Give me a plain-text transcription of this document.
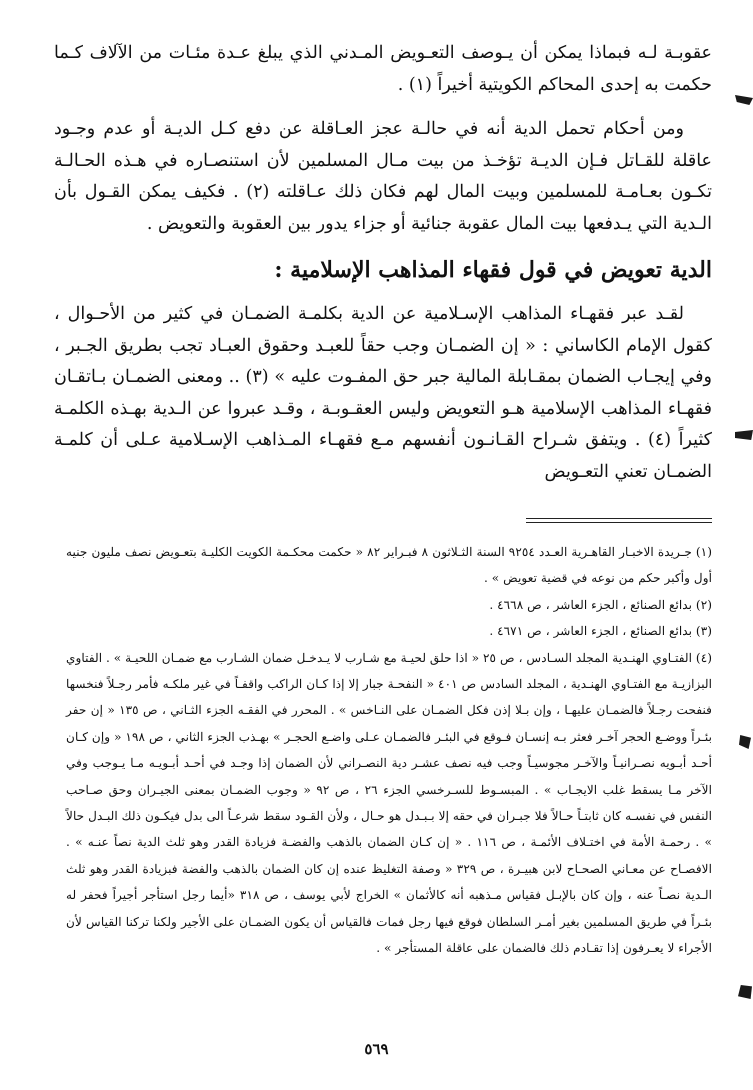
عقوبـة لـه فبماذا يمكن أن يـوصف التعـويض المـدني الذي يبلغ عـدة مئـات من الآلاف كـما حكمت به إحدى المحاكم الكويتية أخيراً (١) .

ومن أحكام تحمل الدية أنه في حالـة عجز العـاقلة عن دفع كـل الديـة أو عدم وجـود عاقلة للقـاتل فـإن الديـة تؤخـذ من بيت مـال المسلمين لأن استنصـاره في هـذه الحـالـة تكـون بعـامـة للمسلمين وبيت المال لهم فكان ذلك عـاقلته (٢) . فكيف يمكن القـول بأن الـدية التي يـدفعها بيت المال عقوبة جنائية أو جزاء يدور بين العقوبة والتعويض .

الدية تعويض في قول فقهاء المذاهب الإسلامية :

لقـد عبر فقهـاء المذاهب الإسـلامية عن الدية بكلمـة الضمـان في كثير من الأحـوال ، كقول الإمام الكاساني : « إن الضمـان وجب حقاً للعبـد وحقوق العبـاد تجب بطريق الجـبر ، وفي إيجـاب الضمان بمقـابلة المالية جبر حق المفـوت عليه » (٣) .. ومعنى الضمـان بـاتقـان فقهـاء المذاهب الإسلامية هـو التعويض وليس العقـوبـة ، وقـد عبروا عن الـدية بهـذه الكلمـة كثيراً (٤) . ويتفق شـراح القـانـون أنفسهم مـع فقهـاء المـذاهب الإسـلامية عـلى أن كلمـة الضمـان تعني التعـويض

(١) جـريدة الاخبـار القاهـرية العـدد ٩٢٥٤ السنة الثـلاثون ٨ فبـراير ٨٢ « حكمت محكـمة الكويت الكليـة بتعـويض نصف مليون جنيه أول وأكبر حكم من نوعه في قضية تعويض » .

(٢) بدائع الصنائع ، الجزء العاشر ، ص ٤٦٦٨ .

(٣) بدائع الصنائع ، الجزء العاشر ، ص ٤٦٧١ .

(٤) الفتـاوي الهنـدية المجلد السـادس ، ص ٢٥ « اذا حلق لحيـة مع شـارب لا يـدخـل ضمان الشـارب مع ضمـان اللحيـة » . الفتاوي البزازيـة مع الفتـاوي الهنـدية ، المجلد السادس ص ٤٠١ « النفحـة جبار إلا إذا كـان الراكب واقفـاً في غير ملكـه فأمر رجـلاً فنخسها فنفحت رجـلاً فالضمـان عليهـا ، وإن بـلا إذن فكل الضمـان على النـاخس » . المحرر في الفقـه الجزء الثـاني ، ص ١٣٥ « إن حفر بئـراً ووضـع الحجر آخـر فعثر بـه إنسـان فـوقع في البئـر فالضمـان عـلى واضـع الحجـر » بهـذب الجزء الثاني ، ص ١٩٨ « وإن كـان أحـد أبـويه نصـرانيـاً والآخـر مجوسيـاً وجب فيه نصف عشـر دية النصـراني لأن الضمان إذا وجـد في أحـد أبـويـه مـا يـوجب وفي الآخر مـا يسقط غلب الايجـاب » . المبسـوط للسـرخسي الجزء ٢٦ ، ص ٩٢ « وجوب الضمـان بمعنى الجيـران وحق صـاحب النفس في نفسـه كان ثابتـاً حـالاً فلا جبـران في حقه إلا بـبـدل هو حـال ، ولأن القـود سقط شرعـاً الى بدل فيكـون ذلك البـدل حالاً » . رحمـة الأمة في اختـلاف الأئمـة ، ص ١١٦ . « إن كـان الضمان بالذهب والفضـة فزيادة القدر وهو ثلث الدية نصاً عنـه » . الافصـاح عن معـاني الصحـاح لابن هبيـرة ، ص ٣٢٩ « وصفة التغليظ عنده إن كان الضمان بالذهب والفضة فبزيادة القدر وهو ثلث الـدية نصـاً عنه ، وإن كان بالإبـل فقياس مـذهبه أنه كالأثمان » الخراج لأبي يوسف ، ص ٣١٨ «أيما رجل استأجر أجيراً فحفر له بئـراً في طريق المسلمين بغير أمـر السلطان فوقع فيها رجل فمات فالقياس أن يكون الضمـان على الأجير ولكنا تركنا القياس لأن الأجراء لا يعـرفون إذا تقـادم ذلك فالضمان على عاقلة المستأجر » .

٥٦٩
